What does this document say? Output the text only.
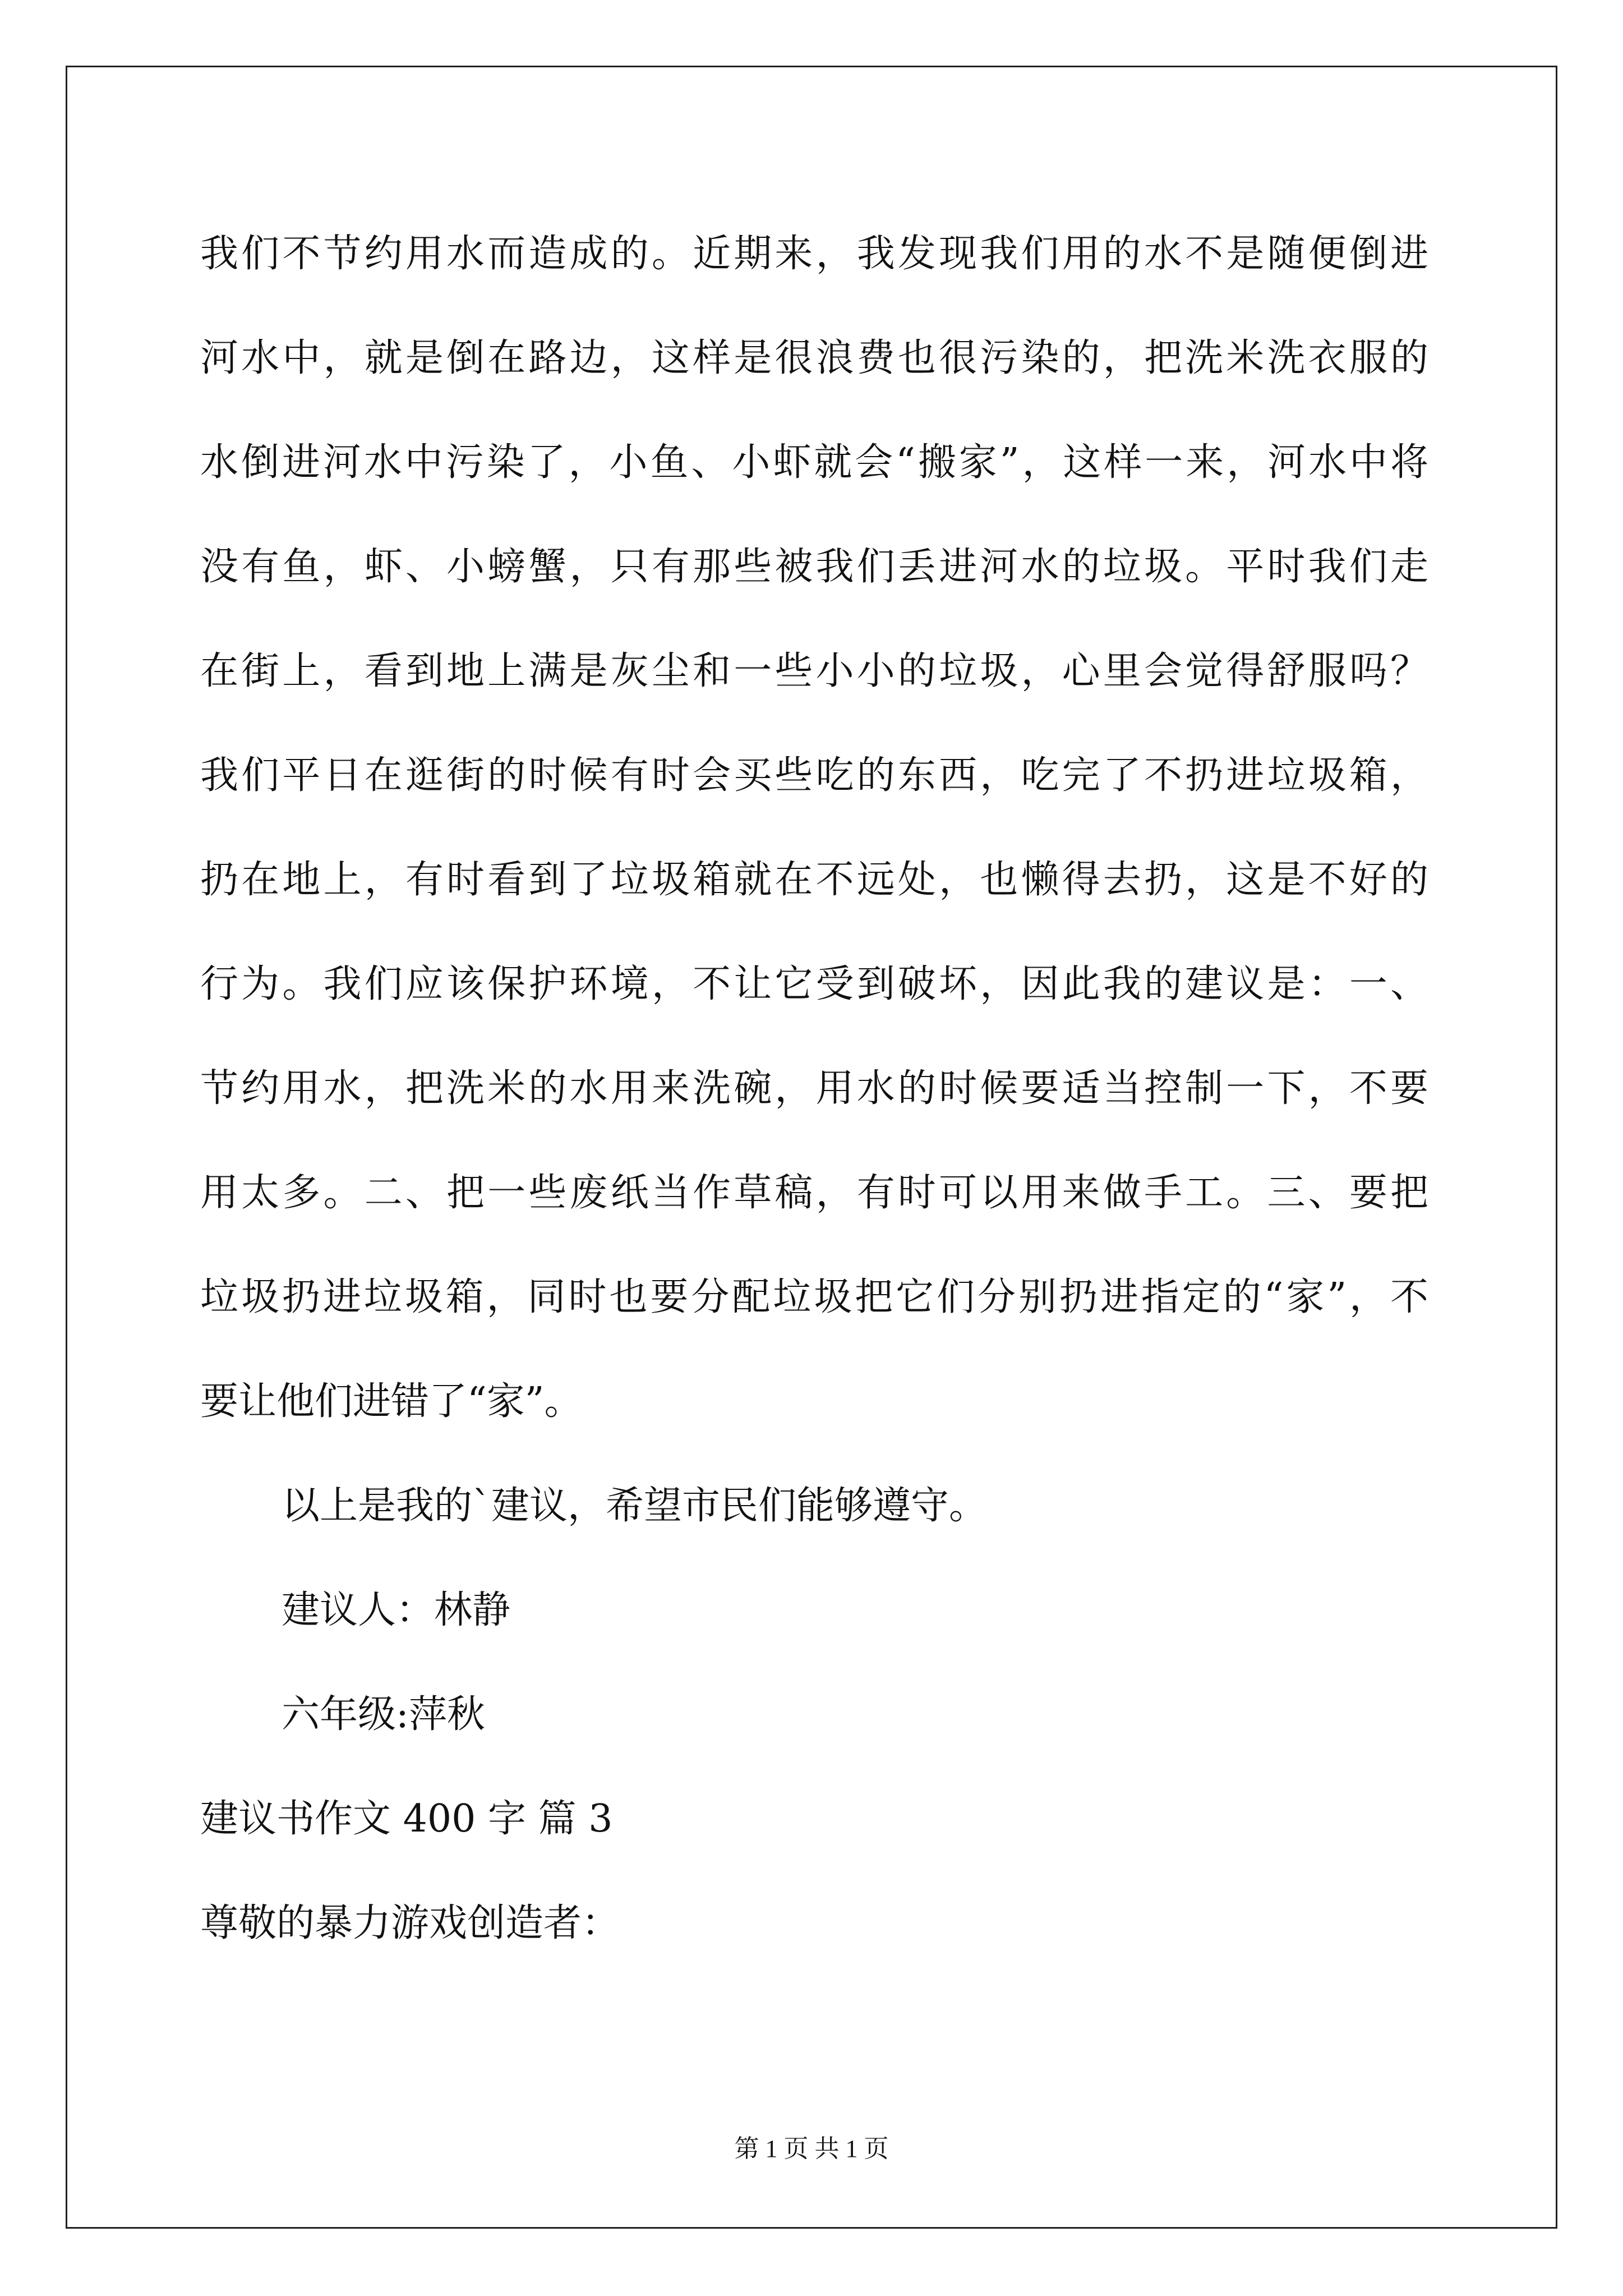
我们不节约用水而造成的。近期来，我发现我们用的水不是随便倒进
河水中，就是倒在路边，这样是很浪费也很污染的，把洗米洗衣服的
水倒进河水中污染了，小鱼、小虾就会“搬家”，这样一来，河水中将
没有鱼，虾、小螃蟹，只有那些被我们丢进河水的垃圾。平时我们走
在街上，看到地上满是灰尘和一些小小的垃圾，心里会觉得舒服吗？
我们平日在逛街的时候有时会买些吃的东西，吃完了不扔进垃圾箱，
扔在地上，有时看到了垃圾箱就在不远处，也懒得去扔，这是不好的
行为。我们应该保护环境，不让它受到破坏，因此我的建议是：一、
节约用水，把洗米的水用来洗碗，用水的时候要适当控制一下，不要
用太多。二、把一些废纸当作草稿，有时可以用来做手工。三、要把
垃圾扔进垃圾箱，同时也要分配垃圾把它们分别扔进指定的“家”，不
要让他们进错了“家”。
以上是我的`建议，希望市民们能够遵守。
建议人：林静
六年级:萍秋
建议书作文 400 字 篇 3
尊敬的暴力游戏创造者：
第 1 页 共 1 页
